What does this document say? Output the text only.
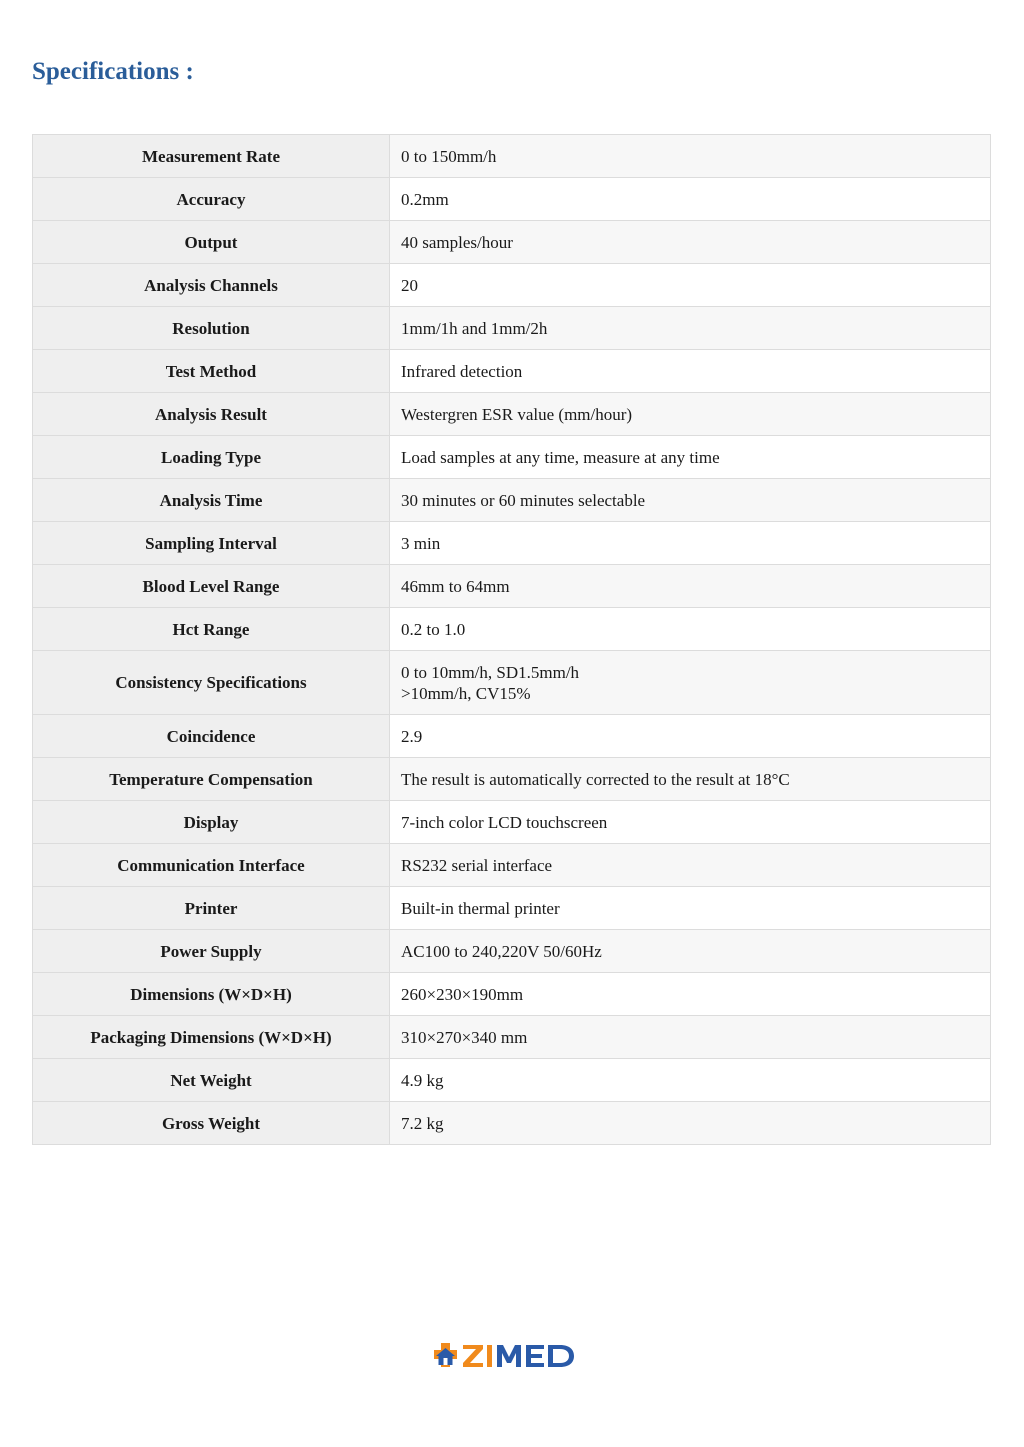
Specifications :
Measurement Rate	0 to 150mm/h
Accuracy	0.2mm
Output	40 samples/hour
Analysis Channels	20
Resolution	1mm/1h and 1mm/2h
Test Method	Infrared detection
Analysis Result	Westergren ESR value (mm/hour)
Loading Type	Load samples at any time, measure at any time
Analysis Time	30 minutes or 60 minutes selectable
Sampling Interval	3 min
Blood Level Range	46mm to 64mm
Hct Range	0.2 to 1.0
Consistency Specifications	0 to 10mm/h, SD1.5mm/h
>10mm/h, CV15%

Coincidence	2.9
Temperature Compensation	The result is automatically corrected to the result at 18°C
Display	7-inch color LCD touchscreen
Communication Interface	RS232 serial interface
Printer	Built-in thermal printer
Power Supply	AC100 to 240,220V 50/60Hz
Dimensions (W×D×H)	260×230×190mm
Packaging Dimensions (W×D×H)	310×270×340 mm
Net Weight	4.9 kg
Gross Weight	7.2 kg
